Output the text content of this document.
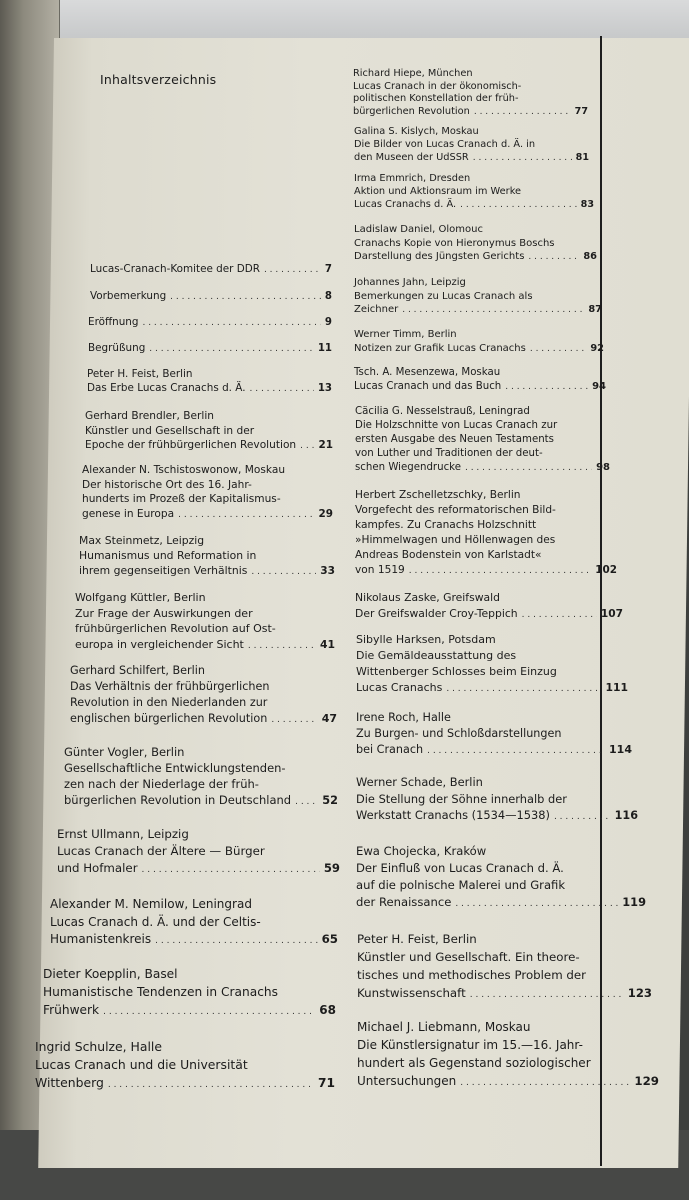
Inhaltsverzeichnis
Lucas-Cranach-Komitee der DDR . . .	7
Vorbemerkung . . .	8
Eröffnung . . .	9
Begrüßung . . .	11
Peter H. Feist, Berlin
Das Erbe Lucas Cranachs d. Ä. . . .	13
Gerhard Brendler, Berlin
Künstler und Gesellschaft in der
Epoche der frühbürgerlichen Revolution . . . 21
Alexander N. Tschistoswonow, Moskau
Der historische Ort des 16. Jahr-
hunderts im Prozeß der Kapitalismus-
genese in Europa . . .	29
Max Steinmetz, Leipzig
Humanismus und Reformation in
ihrem gegenseitigen Verhältnis . . .	33
Wolfgang Küttler, Berlin
Zur Frage der Auswirkungen der
frühbürgerlichen Revolution auf Ost-
europa in vergleichender Sicht . . .	41
Gerhard Schilfert, Berlin
Das Verhältnis der frühbürgerlichen
Revolution in den Niederlanden zur
englischen bürgerlichen Revolution . . .	47
Günter Vogler, Berlin
Gesellschaftliche Entwicklungstenden-
zen nach der Niederlage der früh-
bürgerlichen Revolution in Deutschland . . .	52
Ernst Ullmann, Leipzig
Lucas Cranach der Ältere — Bürger
und Hofmaler . . .	59
Alexander M. Nemilow, Leningrad
Lucas Cranach d. Ä. und der Celtis-
Humanistenkreis . . .	65
Dieter Koepplin, Basel
Humanistische Tendenzen in Cranachs
Frühwerk . . .	68
Ingrid Schulze, Halle
Lucas Cranach und die Universität
Wittenberg . . .	71
Richard Hiepe, München
Lucas Cranach in der ökonomisch-
politischen Konstellation der früh-
bürgerlichen Revolution . . .	77
Galina S. Kislych, Moskau
Die Bilder von Lucas Cranach d. Ä. in
den Museen der UdSSR . . .	81
Irma Emmrich, Dresden
Aktion und Aktionsraum im Werke
Lucas Cranachs d. Ä. . . .	83
Ladislaw Daniel, Olomouc
Cranachs Kopie von Hieronymus Boschs
Darstellung des Jüngsten Gerichts . . .	86
Johannes Jahn, Leipzig
Bemerkungen zu Lucas Cranach als
Zeichner . . .	87
Werner Timm, Berlin
Notizen zur Grafik Lucas Cranachs . . .	92
Tsch. A. Mesenzewa, Moskau
Lucas Cranach und das Buch . . .	94
Cäcilia G. Nesselstrauß, Leningrad
Die Holzschnitte von Lucas Cranach zur
ersten Ausgabe des Neuen Testaments
von Luther und Traditionen der deut-
schen Wiegendrucke . . .	98
Herbert Zschelletzschky, Berlin
Vorgefecht des reformatorischen Bild-
kampfes. Zu Cranachs Holzschnitt
»Himmelwagen und Höllenwagen des
Andreas Bodenstein von Karlstadt«
von 1519 . . .	102
Nikolaus Zaske, Greifswald
Der Greifswalder Croy-Teppich . . .	107
Sibylle Harksen, Potsdam
Die Gemäldeausstattung des
Wittenberger Schlosses beim Einzug
Lucas Cranachs . . .	111
Irene Roch, Halle
Zu Burgen- und Schloßdarstellungen
bei Cranach . . .	114
Werner Schade, Berlin
Die Stellung der Söhne innerhalb der
Werkstatt Cranachs (1534—1538) . . .	116
Ewa Chojecka, Kraków
Der Einfluß von Lucas Cranach d. Ä.
auf die polnische Malerei und Grafik
der Renaissance . . .	119
Peter H. Feist, Berlin
Künstler und Gesellschaft. Ein theore-
tisches und methodisches Problem der
Kunstwissenschaft . . .	123
Michael J. Liebmann, Moskau
Die Künstlersignatur im 15.—16. Jahr-
hundert als Gegenstand soziologischer
Untersuchungen . . .	129
